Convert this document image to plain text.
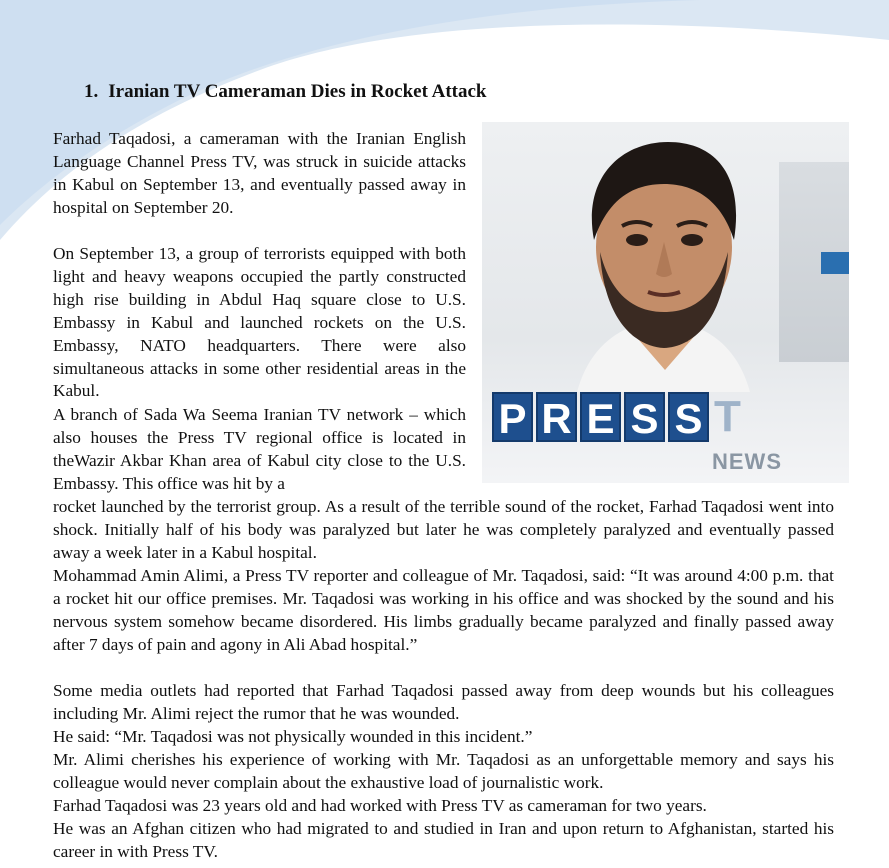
1. Iranian TV Cameraman Dies in Rocket Attack
P R E S S T
NEWS

Farhad Taqadosi, a cameraman with the Iranian English Language Channel Press TV, was struck in suicide attacks in Kabul on September 13, and eventually passed away in hospital on September 20.

On September 13, a group of terrorists equipped with both light and heavy weapons occupied the partly constructed high rise building in Abdul Haq square close to U.S. Embassy in Kabul and launched rockets on the U.S. Embassy, NATO headquarters. There were also simultaneous attacks in some other residential areas in the Kabul.

A branch of Sada Wa Seema Iranian TV network – which also houses the Press TV regional office is located in theWazir Akbar Khan area of Kabul city close to the U.S. Embassy. This office was hit by a

rocket launched by the terrorist group. As a result of the terrible sound of the rocket, Farhad Taqadosi went into shock. Initially half of his body was paralyzed but later he was completely paralyzed and eventually passed away a week later in a Kabul hospital.

Mohammad Amin Alimi, a Press TV reporter and colleague of Mr. Taqadosi, said: “It was around 4:00 p.m. that a rocket hit our office premises. Mr. Taqadosi was working in his office and was shocked by the sound and his nervous system somehow became disordered. His limbs gradually became paralyzed and finally passed away after 7 days of pain and agony in Ali Abad hospital.”

Some media outlets had reported that Farhad Taqadosi passed away from deep wounds but his colleagues including Mr. Alimi reject the rumor that he was wounded.

He said: “Mr. Taqadosi was not physically wounded in this incident.”

Mr. Alimi cherishes his experience of working with Mr. Taqadosi as an unforgettable memory and says his colleague would never complain about the exhaustive load of journalistic work.

Farhad Taqadosi was 23 years old and had worked with Press TV as cameraman for two years.

He was an Afghan citizen who had migrated to and studied in Iran and upon return to Afghanistan, started his career in with Press TV.
